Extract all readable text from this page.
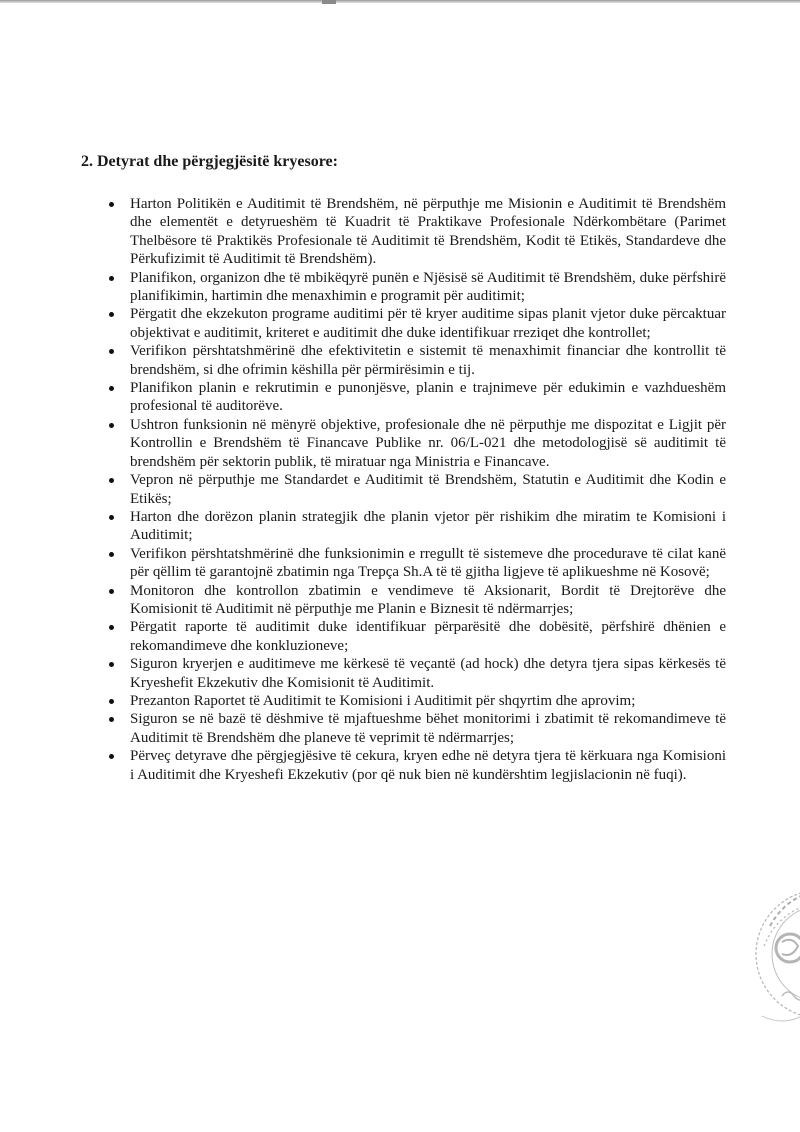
2. Detyrat dhe përgjegjësitë kryesore:
Harton Politikën e Auditimit të Brendshëm, në përputhje me Misionin e Auditimit të Brendshëm dhe elementët e detyrueshëm të Kuadrit të Praktikave Profesionale Ndërkombëtare (Parimet Thelbësore të Praktikës Profesionale të Auditimit të Brendshëm, Kodit të Etikës, Standardeve dhe Përkufizimit të Auditimit të Brendshëm).
Planifikon, organizon dhe të mbikëqyrë punën e Njësisë së Auditimit të Brendshëm, duke përfshirë planifikimin, hartimin dhe menaxhimin e programit për auditimit;
Përgatit dhe ekzekuton programe auditimi për të kryer auditime sipas planit vjetor duke përcaktuar objektivat e auditimit, kriteret e auditimit dhe duke identifikuar rreziqet dhe kontrollet;
Verifikon përshtatshmërinë dhe efektivitetin e sistemit të menaxhimit financiar dhe kontrollit të brendshëm, si dhe ofrimin këshilla për përmirësimin e tij.
Planifikon planin e rekrutimin e punonjësve, planin e trajnimeve për edukimin e vazhdueshëm profesional të auditorëve.
Ushtron funksionin në mënyrë objektive, profesionale dhe në përputhje me dispozitat e Ligjit për Kontrollin e Brendshëm të Financave Publike nr. 06/L-021 dhe metodologjisë së auditimit të brendshëm për sektorin publik, të miratuar nga Ministria e Financave.
Vepron në përputhje me Standardet e Auditimit të Brendshëm, Statutin e Auditimit dhe Kodin e Etikës;
Harton dhe dorëzon planin strategjik dhe planin vjetor për rishikim dhe miratim te Komisioni i Auditimit;
Verifikon përshtatshmërinë dhe funksionimin e rregullt të sistemeve dhe procedurave të cilat kanë për qëllim të garantojnë zbatimin nga Trepça Sh.A të të gjitha ligjeve të aplikueshme në Kosovë;
Monitoron dhe kontrollon zbatimin e vendimeve të Aksionarit, Bordit të Drejtorëve dhe Komisionit të Auditimit në përputhje me Planin e Biznesit të ndërmarrjes;
Përgatit raporte të auditimit duke identifikuar përparësitë dhe dobësitë, përfshirë dhënien e rekomandimeve dhe konkluzioneve;
Siguron kryerjen e auditimeve me kërkesë të veçantë (ad hock) dhe detyra tjera sipas kërkesës të Kryeshefit Ekzekutiv dhe Komisionit të Auditimit.
Prezanton Raportet të Auditimit te Komisioni i Auditimit për shqyrtim dhe aprovim;
Siguron se në bazë të dëshmive të mjaftueshme bëhet monitorimi i zbatimit të rekomandimeve të Auditimit të Brendshëm dhe planeve të veprimit të ndërmarrjes;
Përveç detyrave dhe përgjegjësive të cekura, kryen edhe në detyra tjera të kërkuara nga Komisioni i Auditimit dhe Kryeshefi Ekzekutiv (por që nuk bien në kundërshtim legjislacionin në fuqi).
